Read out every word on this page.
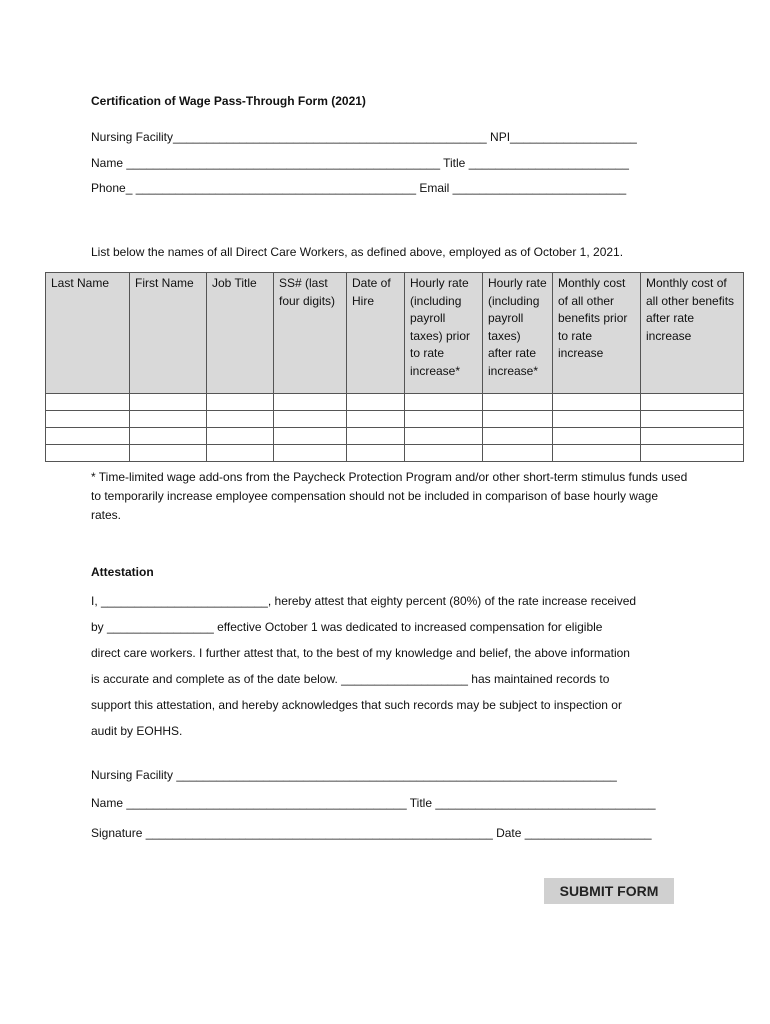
Certification of Wage Pass-Through Form (2021)
Nursing Facility_______________________________________________ NPI___________________
Name _______________________________________________ Title ________________________
Phone_ __________________________________________ Email __________________________
List below the names of all Direct Care Workers, as defined above, employed as of October 1, 2021.
Last Name	First Name	Job Title	SS# (last four digits)	Date of Hire	Hourly rate (including payroll taxes) prior to rate increase*	Hourly rate (including payroll taxes) after rate increase*	Monthly cost of all other benefits prior to rate increase	Monthly cost of all other benefits after rate increase

* Time-limited wage add-ons from the Paycheck Protection Program and/or other short-term stimulus funds used to temporarily increase employee compensation should not be included in comparison of base hourly wage rates.
Attestation
I, _________________________, hereby attest that eighty percent (80%) of the rate increase received
by ________________ effective October 1 was dedicated to increased compensation for eligible
direct care workers. I further attest that, to the best of my knowledge and belief, the above information
is accurate and complete as of the date below. ___________________ has maintained records to
support this attestation, and hereby acknowledges that such records may be subject to inspection or
audit by EOHHS.
Nursing Facility __________________________________________________________________
Name __________________________________________ Title _________________________________
Signature ____________________________________________________ Date ___________________
SUBMIT FORM
